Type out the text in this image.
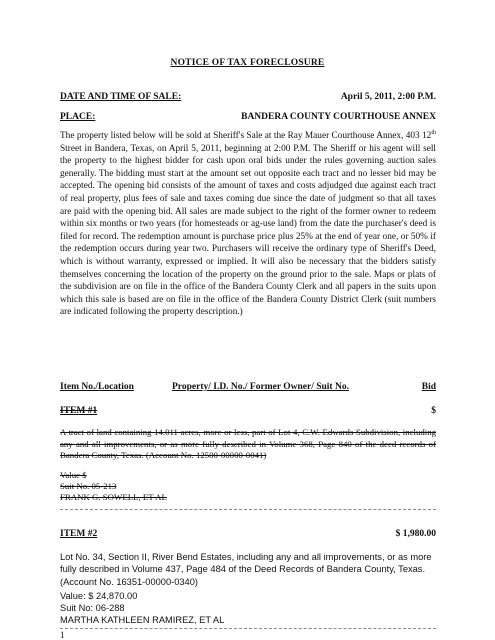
NOTICE OF TAX FORECLOSURE
DATE AND TIME OF SALE:	April 5, 2011, 2:00 P.M.
PLACE:	BANDERA COUNTY COURTHOUSE ANNEX

The property listed below will be sold at Sheriff's Sale at the Ray Mauer Courthouse Annex, 403 12th Street in Bandera, Texas, on April 5, 2011, beginning at 2:00 P.M. The Sheriff or his agent will sell the property to the highest bidder for cash upon oral bids under the rules governing auction sales generally. The bidding must start at the amount set out opposite each tract and no lesser bid may be accepted. The opening bid consists of the amount of taxes and costs adjudged due against each tract of real property, plus fees of sale and taxes coming due since the date of judgment so that all taxes are paid with the opening bid. All sales are made subject to the right of the former owner to redeem within six months or two years (for homesteads or ag-use land) from the date the purchaser's deed is filed for record. The redemption amount is purchase price plus 25% at the end of year one, or 50% if the redemption occurs during year two. Purchasers will receive the ordinary type of Sheriff's Deed, which is without warranty, expressed or implied. It will also be necessary that the bidders satisfy themselves concerning the location of the property on the ground prior to the sale. Maps or plats of the subdivision are on file in the office of the Bandera County Clerk and all papers in the suits upon which this sale is based are on file in the office of the Bandera County District Clerk (suit numbers are indicated following the property description.)

Item No./Location	Property/ I.D. No./ Former Owner/ Suit No.	Bid
ITEM #1	$

A tract of land containing 14.011 acres, more or less, part of Lot 4, C.W. Edwards Subdivision, including any and all improvements, or as more fully described in Volume 368, Page 840 of the deed records of Bandera County, Texas. (Account No. 12500-00000-0041)

Value $

Suit No. 05-213

FRANK G. SOWELL, ET AL

ITEM #2	$ 1,980.00

Lot No. 34, Section II, River Bend Estates, including any and all improvements, or as more fully described in Volume 437, Page 484 of the Deed Records of Bandera County, Texas. (Account No. 16351-00000-0340)

Value: $ 24,870.00

1

Suit No: 06-288

MARTHA KATHLEEN RAMIREZ, ET AL
